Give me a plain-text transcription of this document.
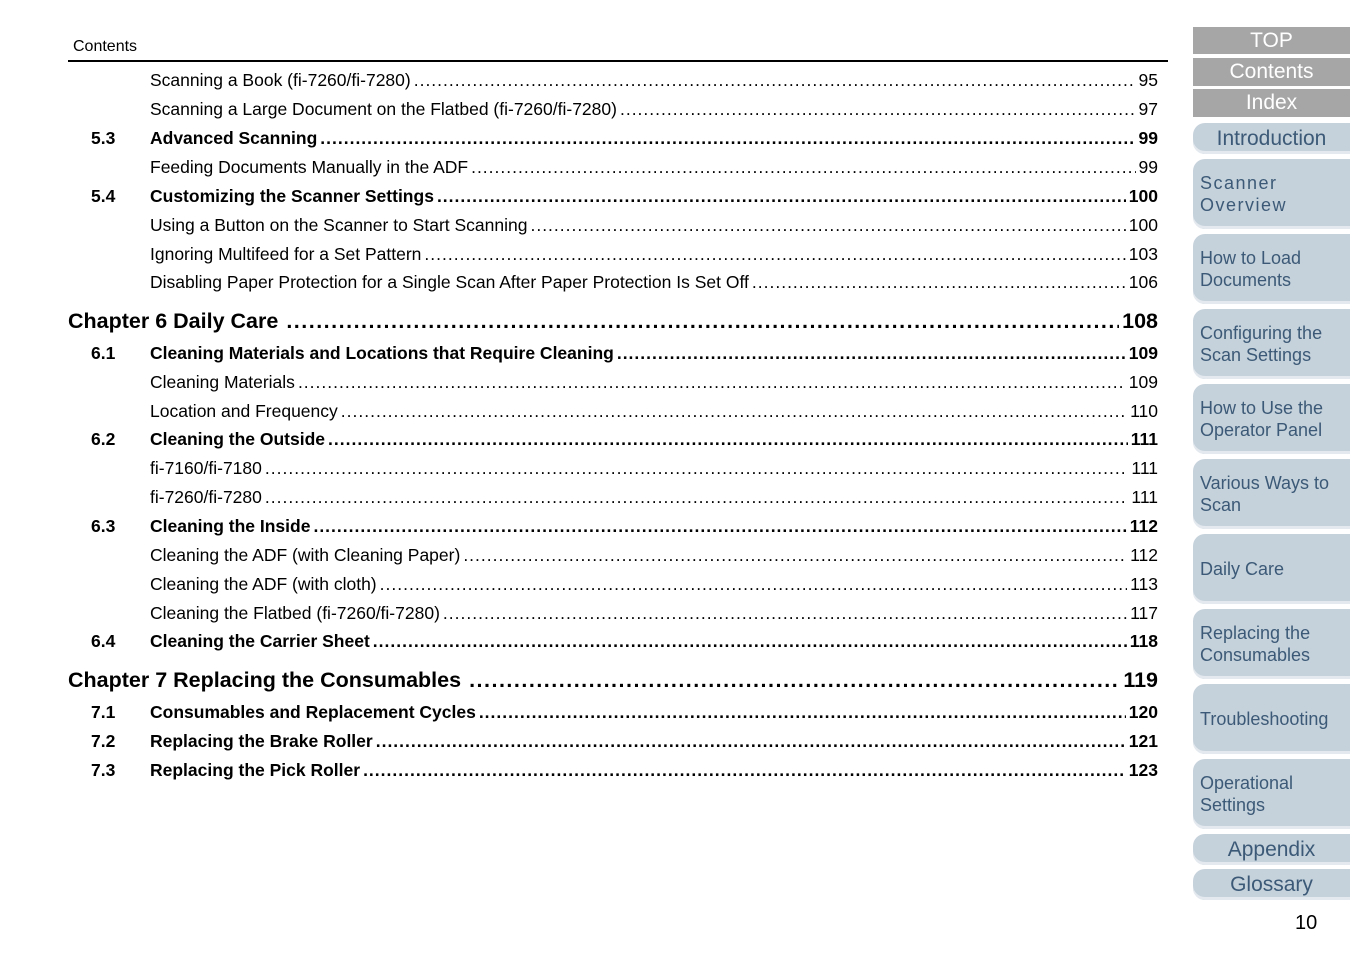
Contents
Scanning a Book (fi-7260/fi-7280) .....	95
Scanning a Large Document on the Flatbed (fi-7260/fi-7280) .....	97
5.3	Advanced Scanning .....	99
Feeding Documents Manually in the ADF .....	99
5.4	Customizing the Scanner Settings .....	100
Using a Button on the Scanner to Start Scanning .....	100
Ignoring Multifeed for a Set Pattern .....	103
Disabling Paper Protection for a Single Scan After Paper Protection Is Set Off .....	106
Chapter 6 Daily Care .....	108
6.1	Cleaning Materials and Locations that Require Cleaning .....	109
Cleaning Materials .....	109
Location and Frequency .....	110
6.2	Cleaning the Outside .....	111
fi-7160/fi-7180 .....	111
fi-7260/fi-7280 .....	111
6.3	Cleaning the Inside .....	112
Cleaning the ADF (with Cleaning Paper) .....	112
Cleaning the ADF (with cloth) .....	113
Cleaning the Flatbed (fi-7260/fi-7280) .....	117
6.4	Cleaning the Carrier Sheet .....	118
Chapter 7 Replacing the Consumables .....	119
7.1	Consumables and Replacement Cycles .....	120
7.2	Replacing the Brake Roller .....	121
7.3	Replacing the Pick Roller .....	123
TOP
Contents
Index
Introduction
Scanner Overview
How to Load Documents
Configuring the Scan Settings
How to Use the Operator Panel
Various Ways to Scan
Daily Care
Replacing the Consumables
Troubleshooting
Operational Settings
Appendix
Glossary
10
